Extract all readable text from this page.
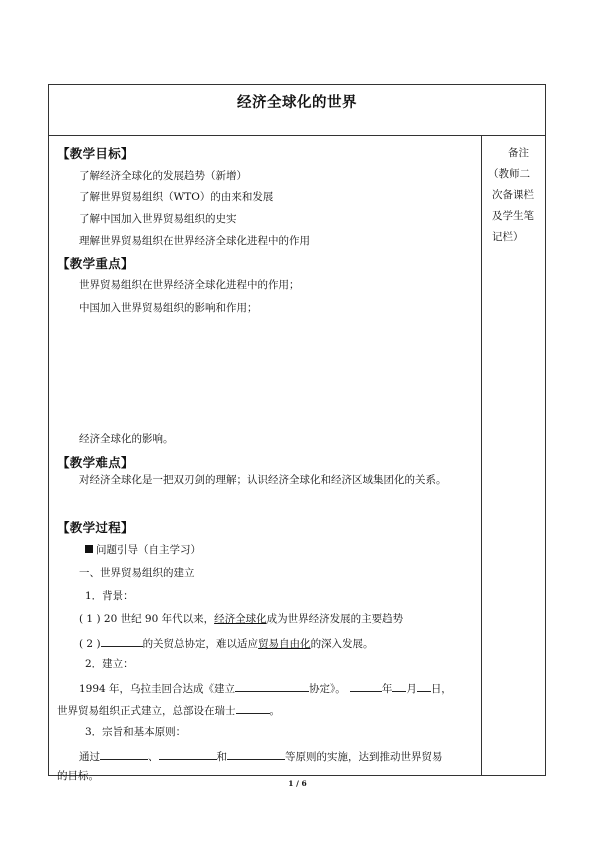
经济全球化的世界
【教学目标】
了解经济全球化的发展趋势（新增）
了解世界贸易组织（WTO）的由来和发展
了解中国加入世界贸易组织的史实
理解世界贸易组织在世界经济全球化进程中的作用
【教学重点】
世界贸易组织在世界经济全球化进程中的作用；
中国加入世界贸易组织的影响和作用；
经济全球化的影响。
【教学难点】
对经济全球化是一把双刃剑的理解；认识经济全球化和经济区域集团化的关系。
【教学过程】
问题引导（自主学习）
一、世界贸易组织的建立
1．背景：
( 1 ) 20 世纪 90 年代以来，经济全球化成为世界经济发展的主要趋势
( 2 )	的关贸总协定，难以适应贸易自由化的深入发展。
2．建立：
1994 年，乌拉圭回合达成《建立	协定》。	年 月 日，
世界贸易组织正式建立，总部设在瑞士	。
3．宗旨和基本原则：
通过	、	和	等原则的实施，达到推动世界贸易
的目标。
备注
（教师二
次备课栏
及学生笔
记栏）
1 / 6
